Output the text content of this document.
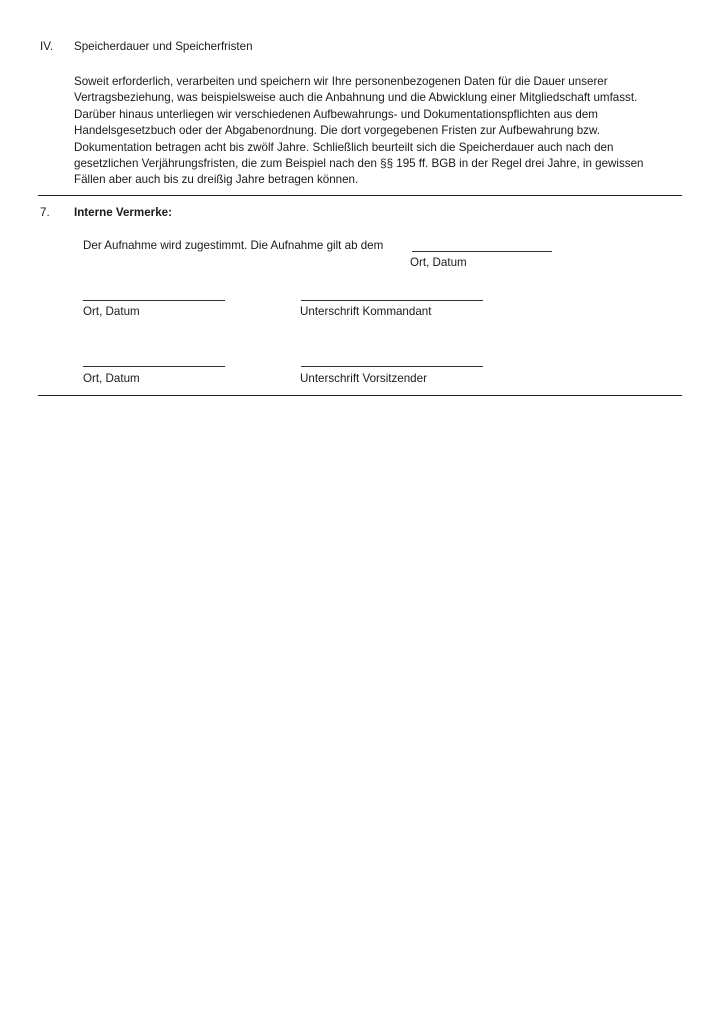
IV. Speicherdauer und Speicherfristen
Soweit erforderlich, verarbeiten und speichern wir Ihre personenbezogenen Daten für die Dauer unserer
Vertragsbeziehung, was beispielsweise auch die Anbahnung und die Abwicklung einer Mitgliedschaft umfasst.
Darüber hinaus unterliegen wir verschiedenen Aufbewahrungs- und Dokumentationspflichten aus dem
Handelsgesetzbuch oder der Abgabenordnung. Die dort vorgegebenen Fristen zur Aufbewahrung bzw.
Dokumentation betragen acht bis zwölf Jahre. Schließlich beurteilt sich die Speicherdauer auch nach den
gesetzlichen Verjährungsfristen, die zum Beispiel nach den §§ 195 ff. BGB in der Regel drei Jahre, in gewissen
Fällen aber auch bis zu dreißig Jahre betragen können.
7. Interne Vermerke:
Der Aufnahme wird zugestimmt. Die Aufnahme gilt ab dem
Ort, Datum
Ort, Datum	Unterschrift Kommandant
Ort, Datum	Unterschrift Vorsitzender
